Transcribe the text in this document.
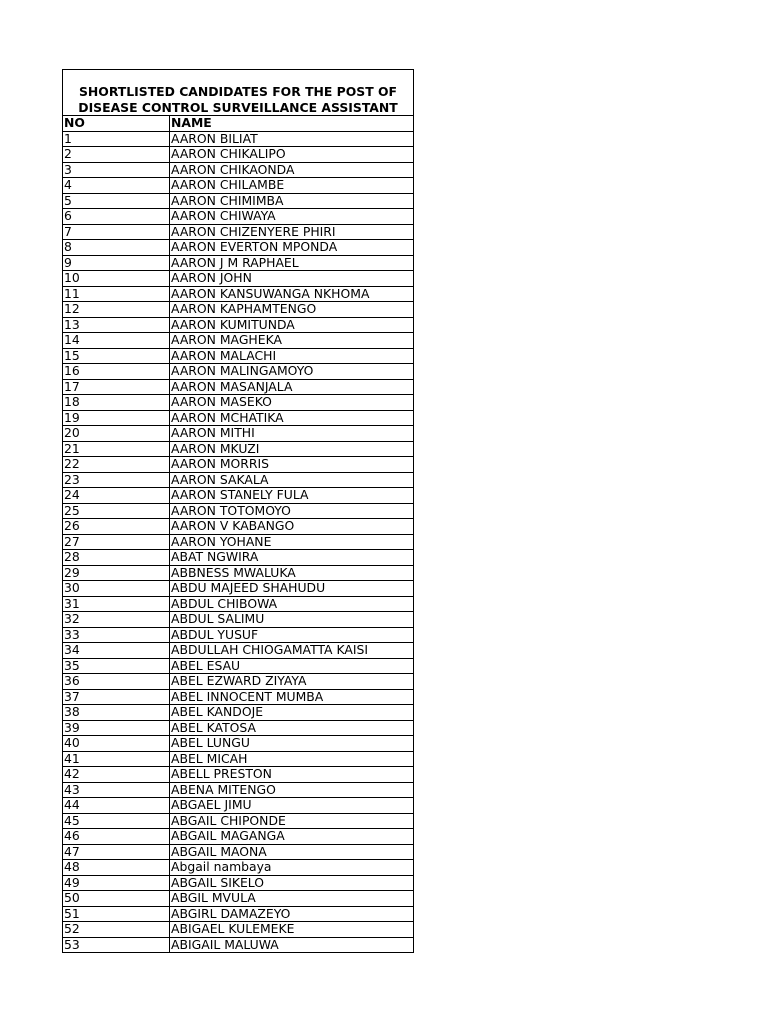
SHORTLISTED CANDIDATES FOR THE POST OF
DISEASE CONTROL SURVEILLANCE ASSISTANT
NO	NAME
1	AARON BILIAT
2	AARON CHIKALIPO
3	AARON CHIKAONDA
4	AARON CHILAMBE
5	AARON CHIMIMBA
6	AARON CHIWAYA
7	AARON CHIZENYERE PHIRI
8	AARON EVERTON MPONDA
9	AARON J M RAPHAEL
10	AARON JOHN
11	AARON KANSUWANGA NKHOMA
12	AARON KAPHAMTENGO
13	AARON KUMITUNDA
14	AARON MAGHEKA
15	AARON MALACHI
16	AARON MALINGAMOYO
17	AARON MASANJALA
18	AARON MASEKO
19	AARON MCHATIKA
20	AARON MITHI
21	AARON MKUZI
22	AARON MORRIS
23	AARON SAKALA
24	AARON STANELY FULA
25	AARON TOTOMOYO
26	AARON V KABANGO
27	AARON YOHANE
28	ABAT NGWIRA
29	ABBNESS MWALUKA
30	ABDU MAJEED SHAHUDU
31	ABDUL CHIBOWA
32	ABDUL SALIMU
33	ABDUL YUSUF
34	ABDULLAH CHIOGAMATTA KAISI
35	ABEL ESAU
36	ABEL EZWARD ZIYAYA
37	ABEL INNOCENT MUMBA
38	ABEL KANDOJE
39	ABEL KATOSA
40	ABEL LUNGU
41	ABEL MICAH
42	ABELL PRESTON
43	ABENA MITENGO
44	ABGAEL JIMU
45	ABGAIL CHIPONDE
46	ABGAIL MAGANGA
47	ABGAIL MAONA
48	Abgail nambaya
49	ABGAIL SIKELO
50	ABGIL MVULA
51	ABGIRL DAMAZEYO
52	ABIGAEL KULEMEKE
53	ABIGAIL MALUWA
